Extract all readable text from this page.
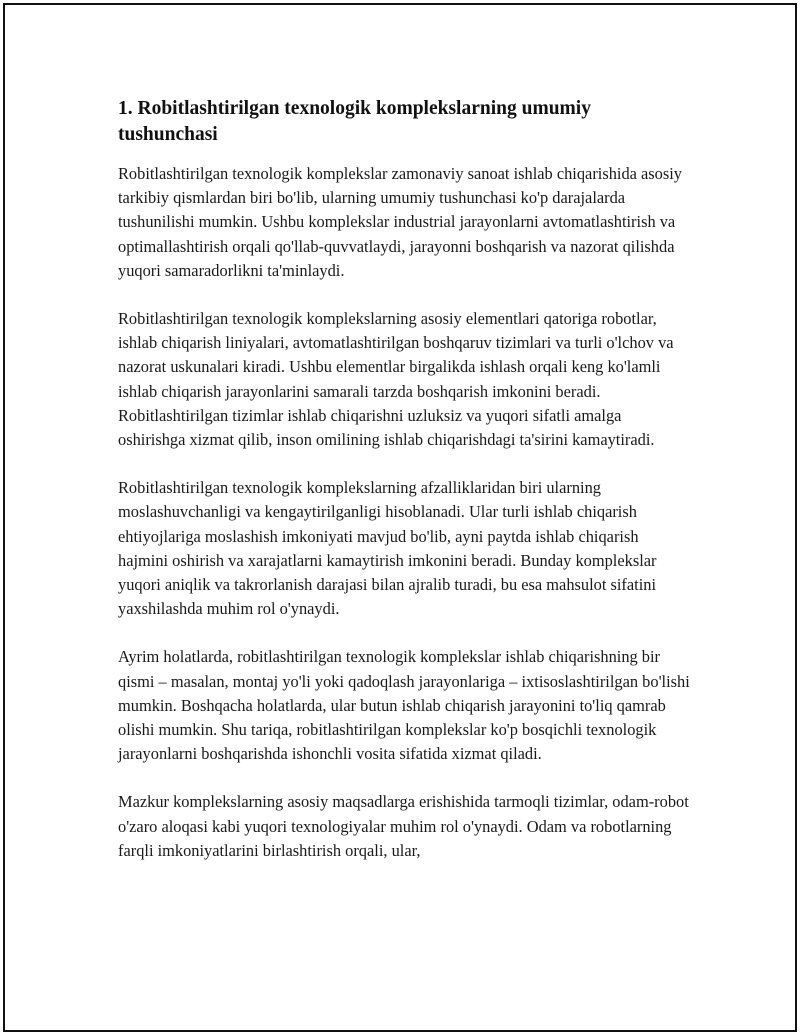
1. Robitlashtirilgan texnologik komplekslarning umumiy tushunchasi

Robitlashtirilgan texnologik komplekslar zamonaviy sanoat ishlab chiqarishida asosiy tarkibiy qismlardan biri bo'lib, ularning umumiy tushunchasi ko'p darajalarda tushunilishi mumkin. Ushbu komplekslar industrial jarayonlarni avtomatlashtirish va optimallashtirish orqali qo'llab-quvvatlaydi, jarayonni boshqarish va nazorat qilishda yuqori samaradorlikni ta'minlaydi.

Robitlashtirilgan texnologik komplekslarning asosiy elementlari qatoriga robotlar, ishlab chiqarish liniyalari, avtomatlashtirilgan boshqaruv tizimlari va turli o'lchov va nazorat uskunalari kiradi. Ushbu elementlar birgalikda ishlash orqali keng ko'lamli ishlab chiqarish jarayonlarini samarali tarzda boshqarish imkonini beradi. Robitlashtirilgan tizimlar ishlab chiqarishni uzluksiz va yuqori sifatli amalga oshirishga xizmat qilib, inson omilining ishlab chiqarishdagi ta'sirini kamaytiradi.

Robitlashtirilgan texnologik komplekslarning afzalliklaridan biri ularning moslashuvchanligi va kengaytirilganligi hisoblanadi. Ular turli ishlab chiqarish ehtiyojlariga moslashish imkoniyati mavjud bo'lib, ayni paytda ishlab chiqarish hajmini oshirish va xarajatlarni kamaytirish imkonini beradi. Bunday komplekslar yuqori aniqlik va takrorlanish darajasi bilan ajralib turadi, bu esa mahsulot sifatini yaxshilashda muhim rol o'ynaydi.

Ayrim holatlarda, robitlashtirilgan texnologik komplekslar ishlab chiqarishning bir qismi – masalan, montaj yo'li yoki qadoqlash jarayonlariga – ixtisoslashtirilgan bo'lishi mumkin. Boshqacha holatlarda, ular butun ishlab chiqarish jarayonini to'liq qamrab olishi mumkin. Shu tariqa, robitlashtirilgan komplekslar ko'p bosqichli texnologik jarayonlarni boshqarishda ishonchli vosita sifatida xizmat qiladi.

Mazkur komplekslarning asosiy maqsadlarga erishishida tarmoqli tizimlar, odam-robot o'zaro aloqasi kabi yuqori texnologiyalar muhim rol o'ynaydi. Odam va robotlarning farqli imkoniyatlarini birlashtirish orqali, ular,
